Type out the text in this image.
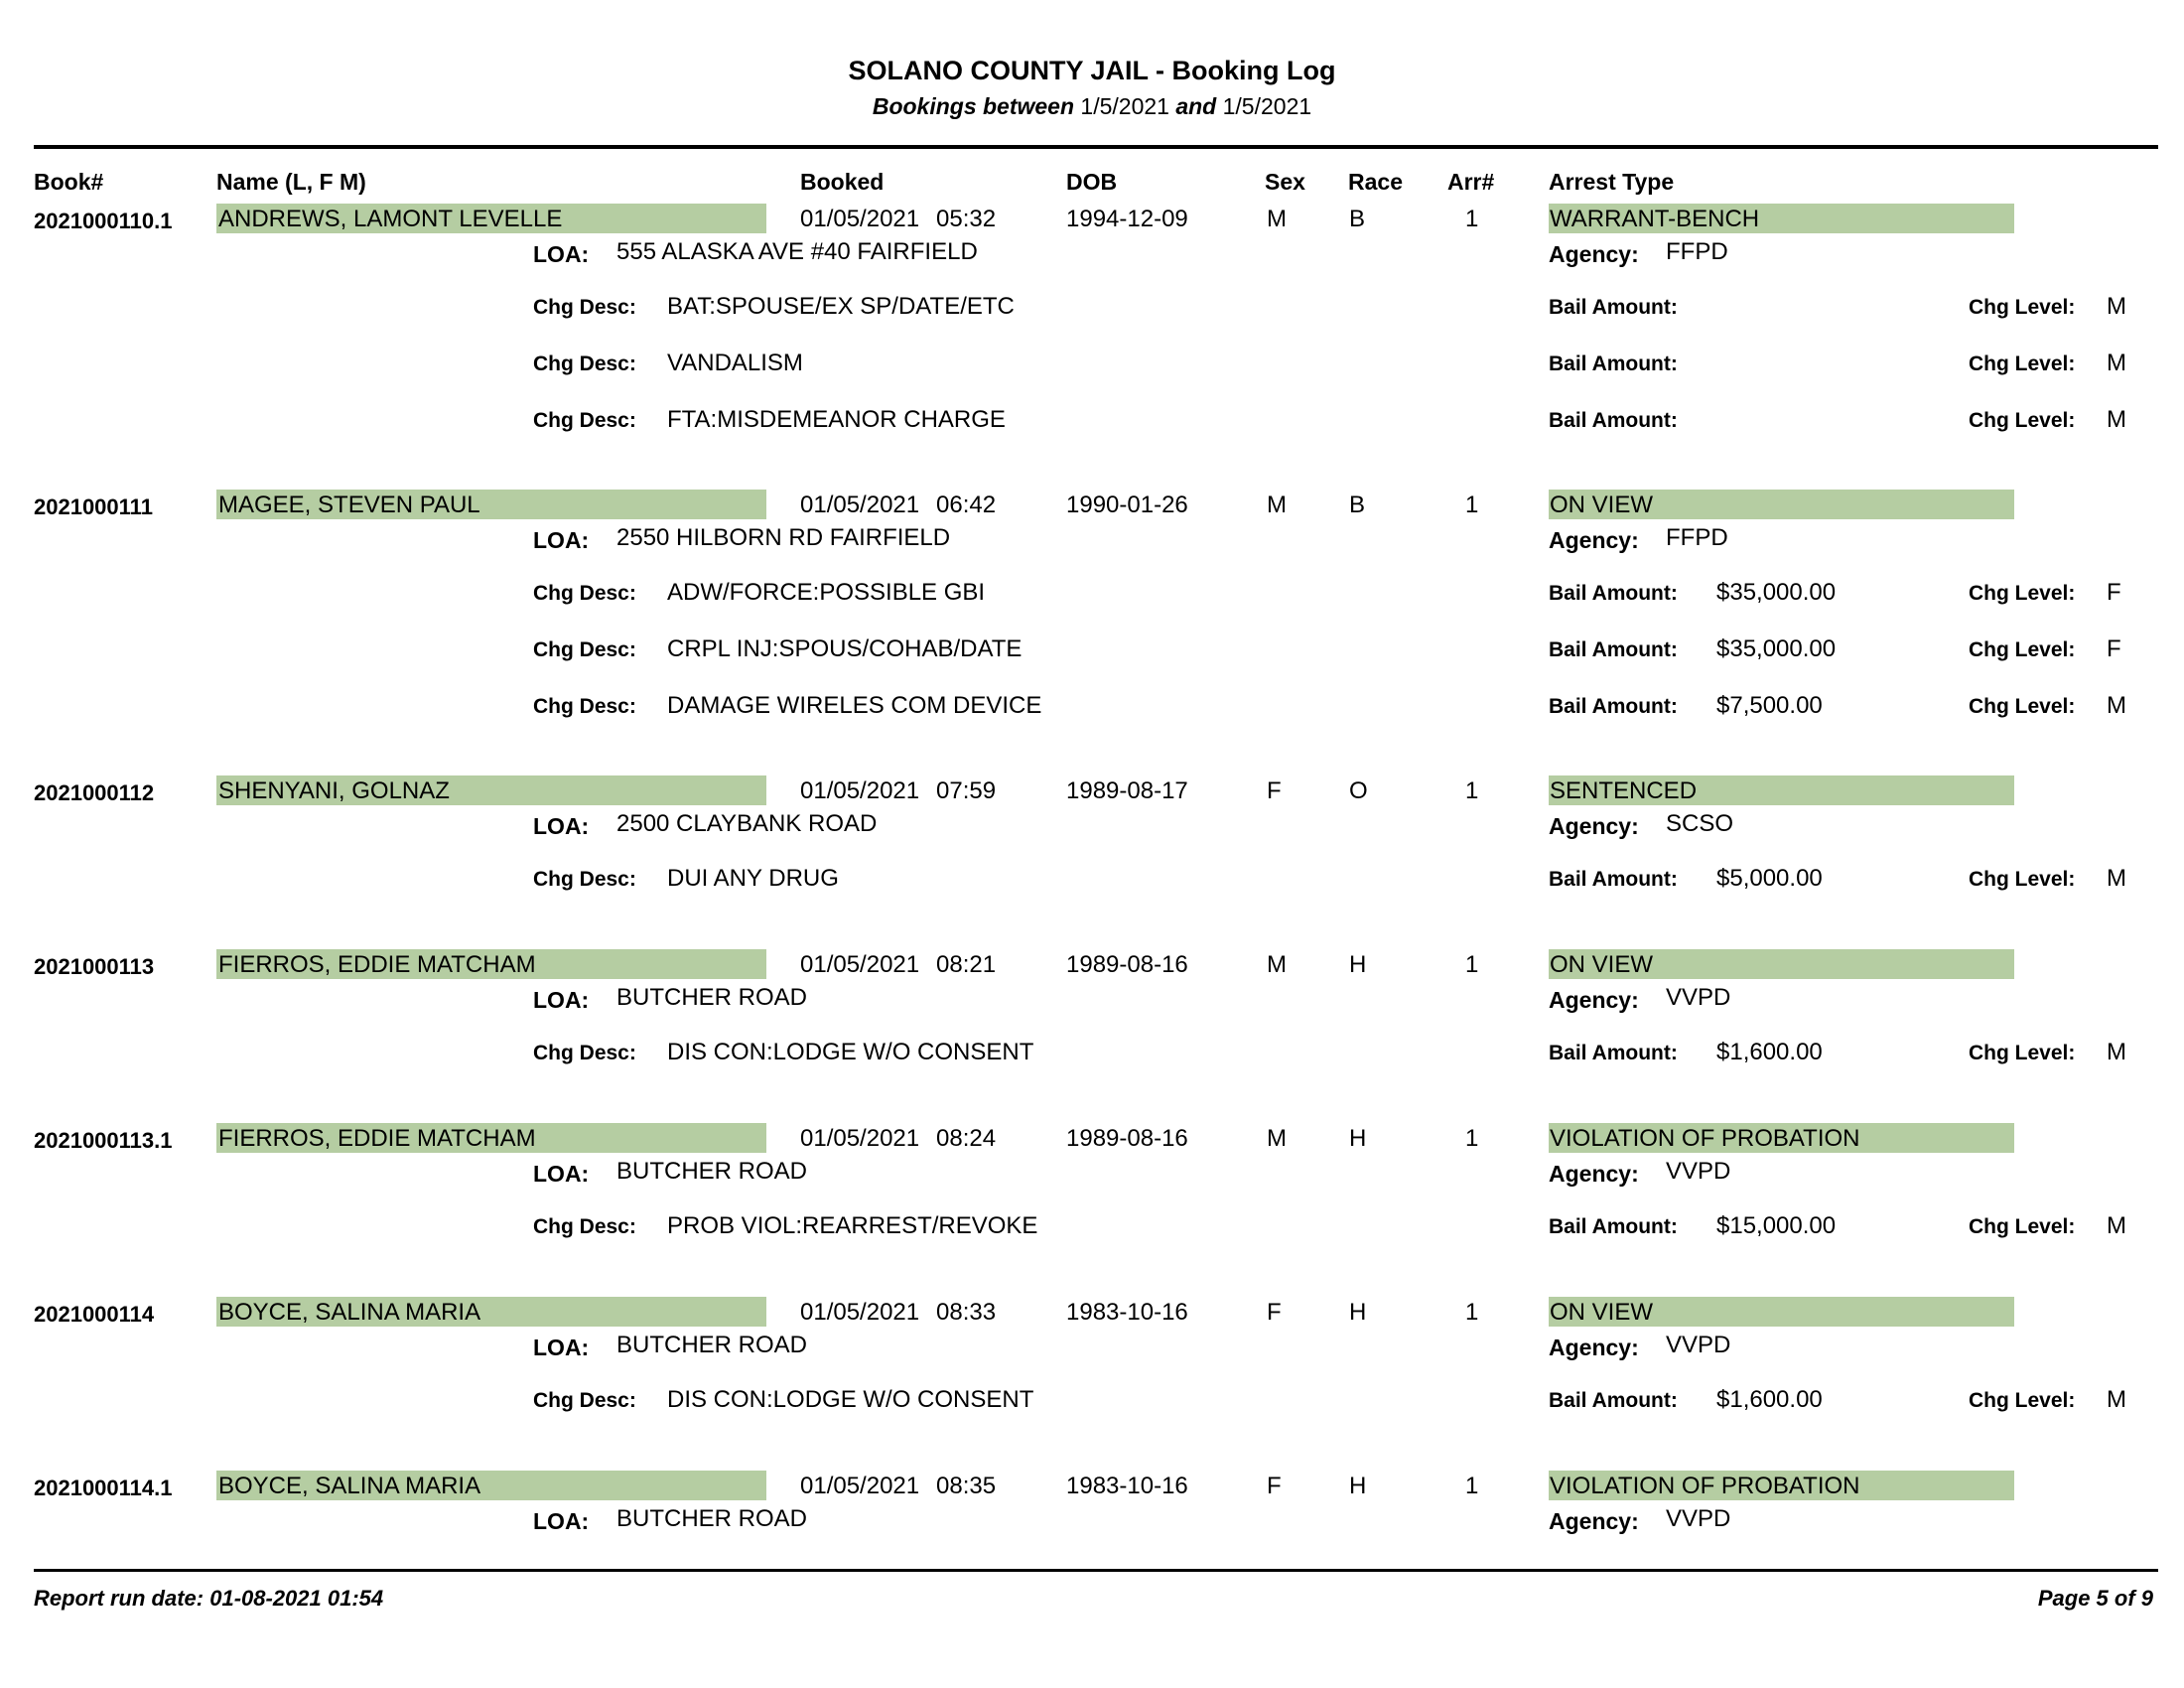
SOLANO COUNTY JAIL - Booking Log
Bookings between 1/5/2021 and 1/5/2021
Book#	Name (L, F M)	Booked	DOB	Sex Race Arr# Arrest Type
2021000110.1 ANDREWS, LAMONT LEVELLE	01/05/2021 05:32	1994-12-09	M	B	1	WARRANT-BENCH
LOA: 555 ALASKA AVE #40 FAIRFIELD	Agency: FFPD
Chg Desc: BAT:SPOUSE/EX SP/DATE/ETC	Bail Amount:	Chg Level: M
Chg Desc: VANDALISM	Bail Amount:	Chg Level: M
Chg Desc: FTA:MISDEMEANOR CHARGE	Bail Amount:	Chg Level: M
2021000111	MAGEE, STEVEN PAUL	01/05/2021 06:42	1990-01-26	M	B	1	ON VIEW
LOA: 2550 HILBORN RD FAIRFIELD	Agency: FFPD
Chg Desc: ADW/FORCE:POSSIBLE GBI	Bail Amount: $35,000.00	Chg Level: F
Chg Desc: CRPL INJ:SPOUS/COHAB/DATE	Bail Amount: $35,000.00	Chg Level: F
Chg Desc: DAMAGE WIRELES COM DEVICE	Bail Amount: $7,500.00	Chg Level: M
2021000112	SHENYANI, GOLNAZ	01/05/2021 07:59	1989-08-17	F	O	1	SENTENCED
LOA: 2500 CLAYBANK ROAD	Agency: SCSO
Chg Desc: DUI ANY DRUG	Bail Amount: $5,000.00	Chg Level: M
2021000113	FIERROS, EDDIE MATCHAM	01/05/2021 08:21	1989-08-16	M	H	1	ON VIEW
LOA: BUTCHER ROAD	Agency: VVPD
Chg Desc: DIS CON:LODGE W/O CONSENT	Bail Amount: $1,600.00	Chg Level: M
2021000113.1 FIERROS, EDDIE MATCHAM	01/05/2021 08:24	1989-08-16	M	H	1	VIOLATION OF PROBATION
LOA: BUTCHER ROAD	Agency: VVPD
Chg Desc: PROB VIOL:REARREST/REVOKE	Bail Amount: $15,000.00	Chg Level: M
2021000114	BOYCE, SALINA MARIA	01/05/2021 08:33	1983-10-16	F	H	1	ON VIEW
LOA: BUTCHER ROAD	Agency: VVPD
Chg Desc: DIS CON:LODGE W/O CONSENT	Bail Amount: $1,600.00	Chg Level: M
2021000114.1 BOYCE, SALINA MARIA	01/05/2021 08:35	1983-10-16	F	H	1	VIOLATION OF PROBATION
LOA: BUTCHER ROAD	Agency: VVPD
Report run date: 01-08-2021 01:54	Page 5 of 9
